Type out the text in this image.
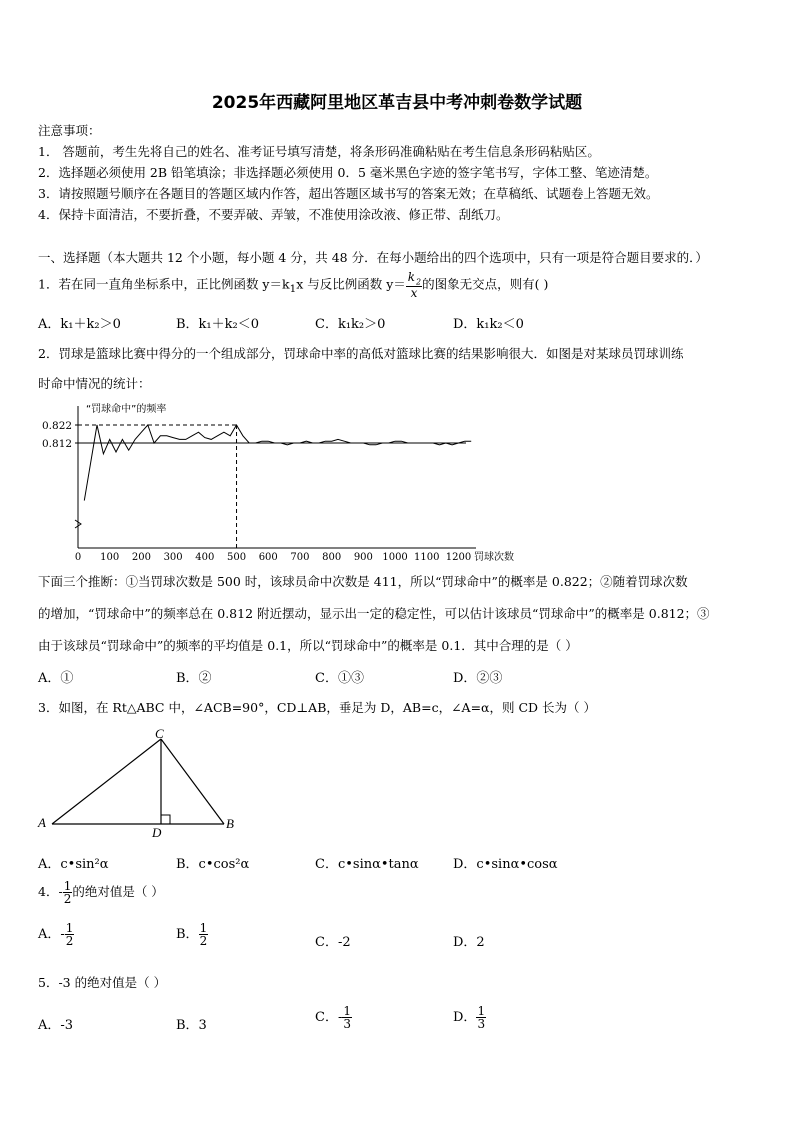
2025年西藏阿里地区革吉县中考冲刺卷数学试题
注意事项：
1． 答题前，考生先将自己的姓名、准考证号填写清楚，将条形码准确粘贴在考生信息条形码粘贴区。
2．选择题必须使用 2B 铅笔填涂；非选择题必须使用 0．5 毫米黑色字迹的签字笔书写，字体工整、笔迹清楚。
3．请按照题号顺序在各题目的答题区域内作答，超出答题区域书写的答案无效；在草稿纸、试题卷上答题无效。
4．保持卡面清洁，不要折叠，不要弄破、弄皱，不准使用涂改液、修正带、刮纸刀。
一、选择题（本大题共 12 个小题，每小题 4 分，共 48 分．在每小题给出的四个选项中，只有一项是符合题目要求的．）
1．若在同一直角坐标系中，正比例函数 $y=k_1x$ 与反比例函数 $y= \frac{k_2}{x}$ 的图象无交点，则有( )
A．k₁＋k₂＞0	B．k₁＋k₂＜0	C．k₁k₂＞0	D．k₁k₂＜0
2．罚球是篮球比赛中得分的一个组成部分，罚球命中率的高低对篮球比赛的结果影响很大．如图是对某球员罚球训练
时命中情况的统计：
“罚球命中”的频率
罚球次数
0.822
0.812
0 100 200 300 400 500 600 700 800 900 1000 1100 1200
下面三个推断：①当罚球次数是 500 时，该球员命中次数是 411，所以“罚球命中”的概率是 0.822；②随着罚球次数
的增加，“罚球命中”的频率总在 0.812 附近摆动，显示出一定的稳定性，可以估计该球员“罚球命中”的概率是 0.812；③
由于该球员“罚球命中”的频率的平均值是 0.1，所以“罚球命中”的概率是 0.1．其中合理的是（ ）
A．①	B．②	C．①③	D．②③
3．如图，在 Rt△ABC 中，∠ACB=90°，CD⊥AB，垂足为 D，AB=c，∠A=α，则 CD 长为（ ）
C
A	B
D
A．c•sin²α	B．c•cos²α	C．c•sinα•tanα	D．c•sinα•cosα
4．- $\frac{1}{2}$ 的绝对值是（ ）
A．- $\frac{1}{2}$	B． $\frac{1}{2}$	C．-2	D．2
5．-3 的绝对值是（ ）
A．-3	B．3
C．- $\frac{1}{3}$	D． $\frac{1}{3}$
